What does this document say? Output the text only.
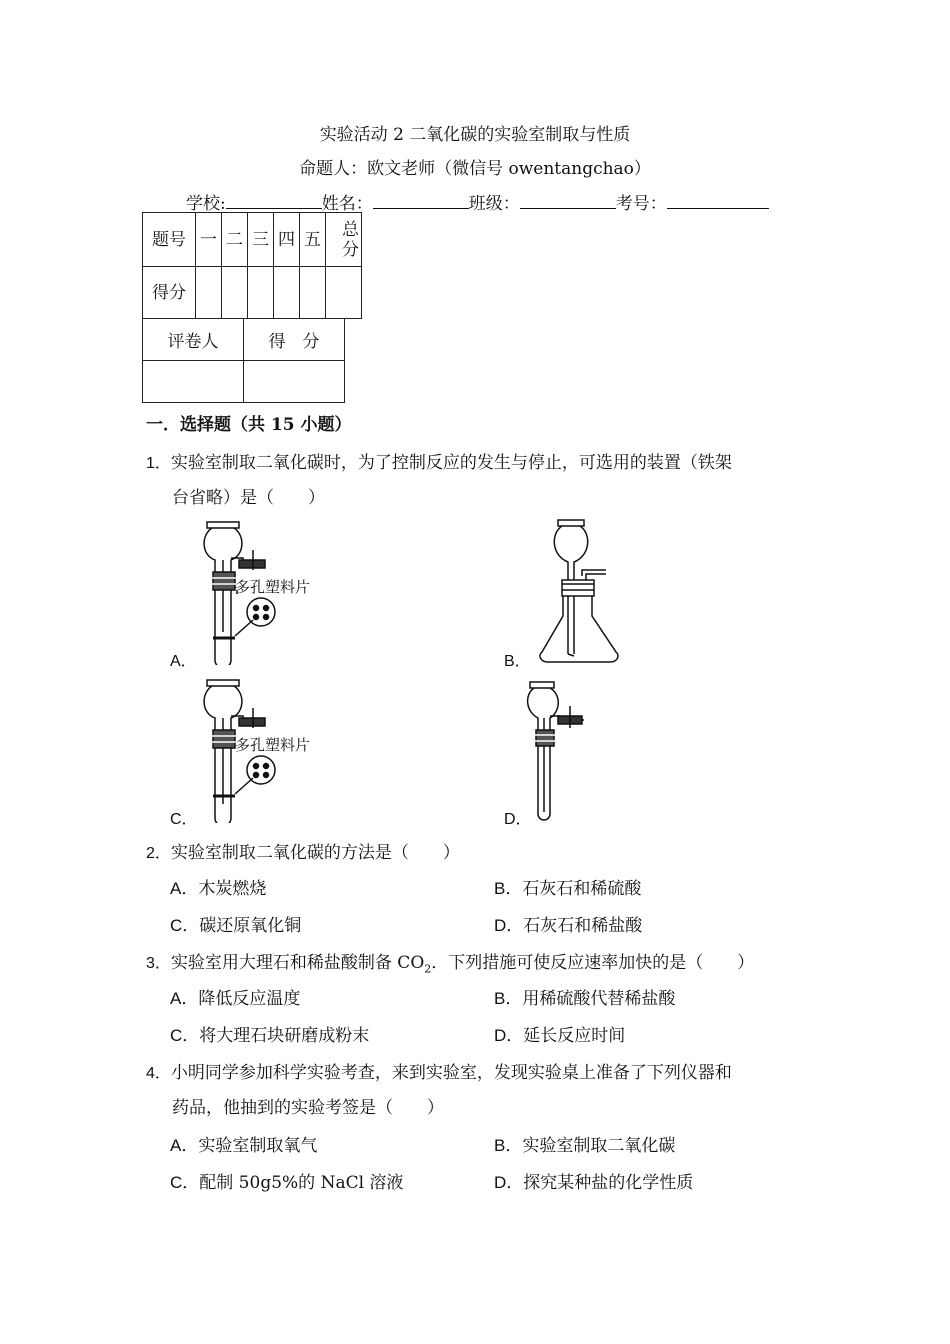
实验活动 2 二氧化碳的实验室制取与性质
命题人：欧文老师（微信号 owentangchao）
学校:	姓名：	班级：	考号：
题号	一	二	三	四	五	总分
得分						
评卷人	得　分

一．选择题（共 15 小题）
1．实验室制取二氧化碳时，为了控制反应的发生与停止，可选用的装置（铁架
台省略）是（　　）
A．	B．
C．	D．
多孔塑料片
多孔塑料片
2．实验室制取二氧化碳的方法是（　　）
A．木炭燃烧	B．石灰石和稀硫酸
C．碳还原氧化铜	D．石灰石和稀盐酸
3．实验室用大理石和稀盐酸制备 $CO_2$．下列措施可使反应速率加快的是（　　）
A．降低反应温度	B．用稀硫酸代替稀盐酸
C．将大理石块研磨成粉末	D．延长反应时间
4．小明同学参加科学实验考查，来到实验室，发现实验桌上准备了下列仪器和
药品，他抽到的实验考签是（　　）
A．实验室制取氧气	B．实验室制取二氧化碳
C．配制 50g5%的 NaCl 溶液	D．探究某种盐的化学性质
